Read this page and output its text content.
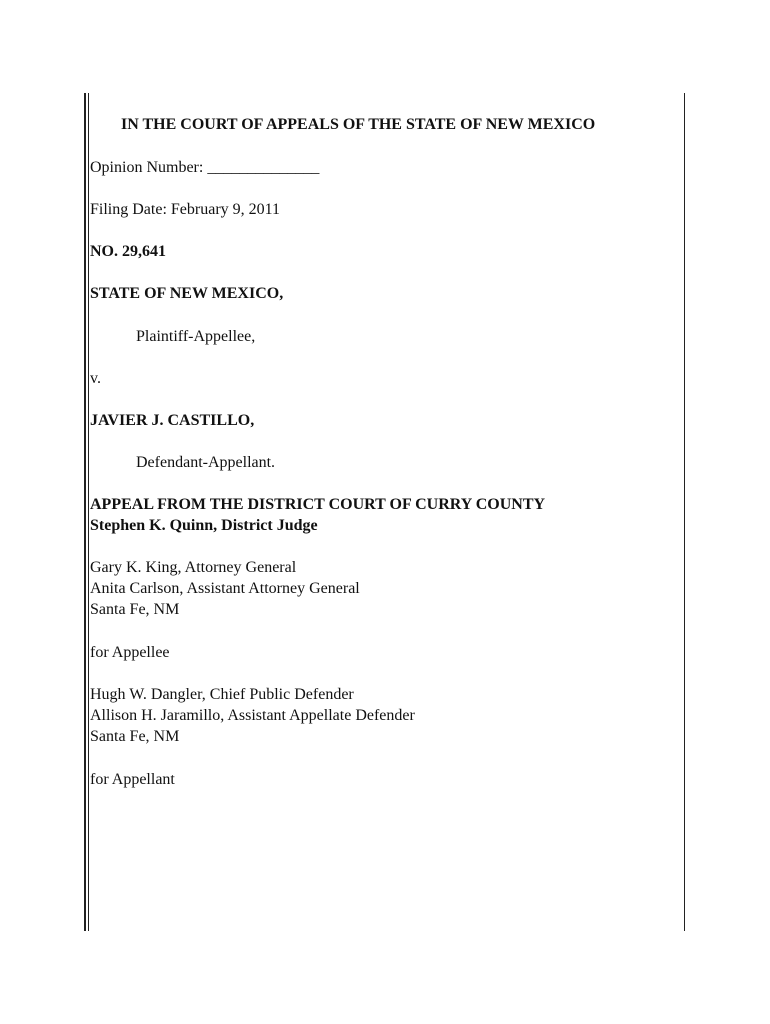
IN THE COURT OF APPEALS OF THE STATE OF NEW MEXICO
Opinion Number: ______________
Filing Date: February 9, 2011
NO. 29,641
STATE OF NEW MEXICO,
Plaintiff-Appellee,
v.
JAVIER J. CASTILLO,
Defendant-Appellant.
APPEAL FROM THE DISTRICT COURT OF CURRY COUNTY
Stephen K. Quinn, District Judge
Gary K. King, Attorney General
Anita Carlson, Assistant Attorney General
Santa Fe, NM
for Appellee
Hugh W. Dangler, Chief Public Defender
Allison H. Jaramillo, Assistant Appellate Defender
Santa Fe, NM
for Appellant
